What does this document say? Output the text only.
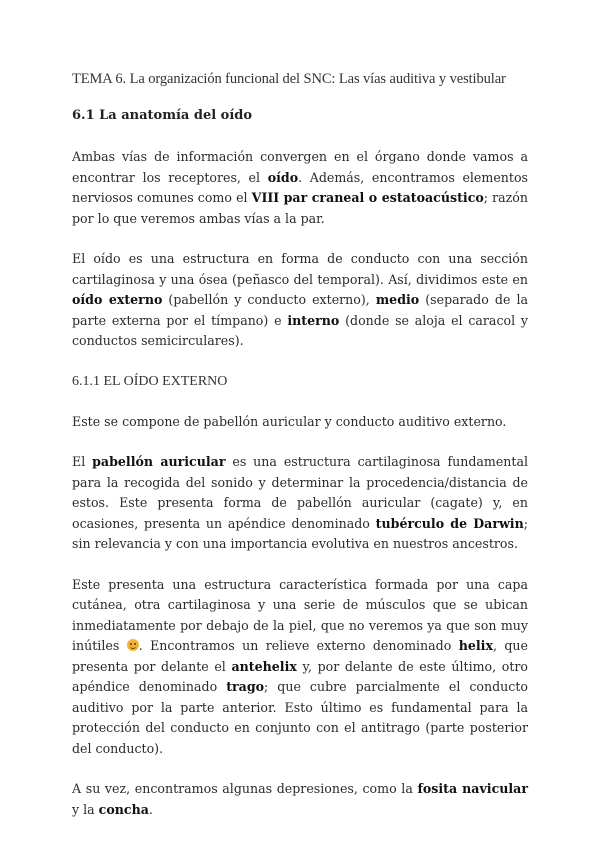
TEMA 6. La organización funcional del SNC: Las vías auditiva y vestibular

6.1 La anatomía del oído

Ambas vías de información convergen en el órgano donde vamos a encontrar los receptores, el oído. Además, encontramos elementos nerviosos comunes como el VIII par craneal o estatoacústico; razón por lo que veremos ambas vías a la par.

El oído es una estructura en forma de conducto con una sección cartilaginosa y una ósea (peñasco del temporal). Así, dividimos este en oído externo (pabellón y conducto externo), medio (separado de la parte externa por el tímpano) e interno (donde se aloja el caracol y conductos semicirculares).

6.1.1 EL OÍDO EXTERNO

Este se compone de pabellón auricular y conducto auditivo externo.

El pabellón auricular es una estructura cartilaginosa fundamental para la recogida del sonido y determinar la procedencia/distancia de estos. Este presenta forma de pabellón auricular (cagate) y, en ocasiones, presenta un apéndice denominado tubérculo de Darwin; sin relevancia y con una importancia evolutiva en nuestros ancestros.

Este presenta una estructura característica formada por una capa cutánea, otra cartilaginosa y una serie de músculos que se ubican inmediatamente por debajo de la piel, que no veremos ya que son muy inútiles
. Encontramos un relieve externo denominado helix, que presenta por delante el antehelix y, por delante de este último, otro apéndice denominado trago; que cubre parcialmente el conducto auditivo por la parte anterior. Esto último es fundamental para la protección del conducto en conjunto con el antitrago (parte posterior del conducto).

A su vez, encontramos algunas depresiones, como la fosita navicular y la concha.
